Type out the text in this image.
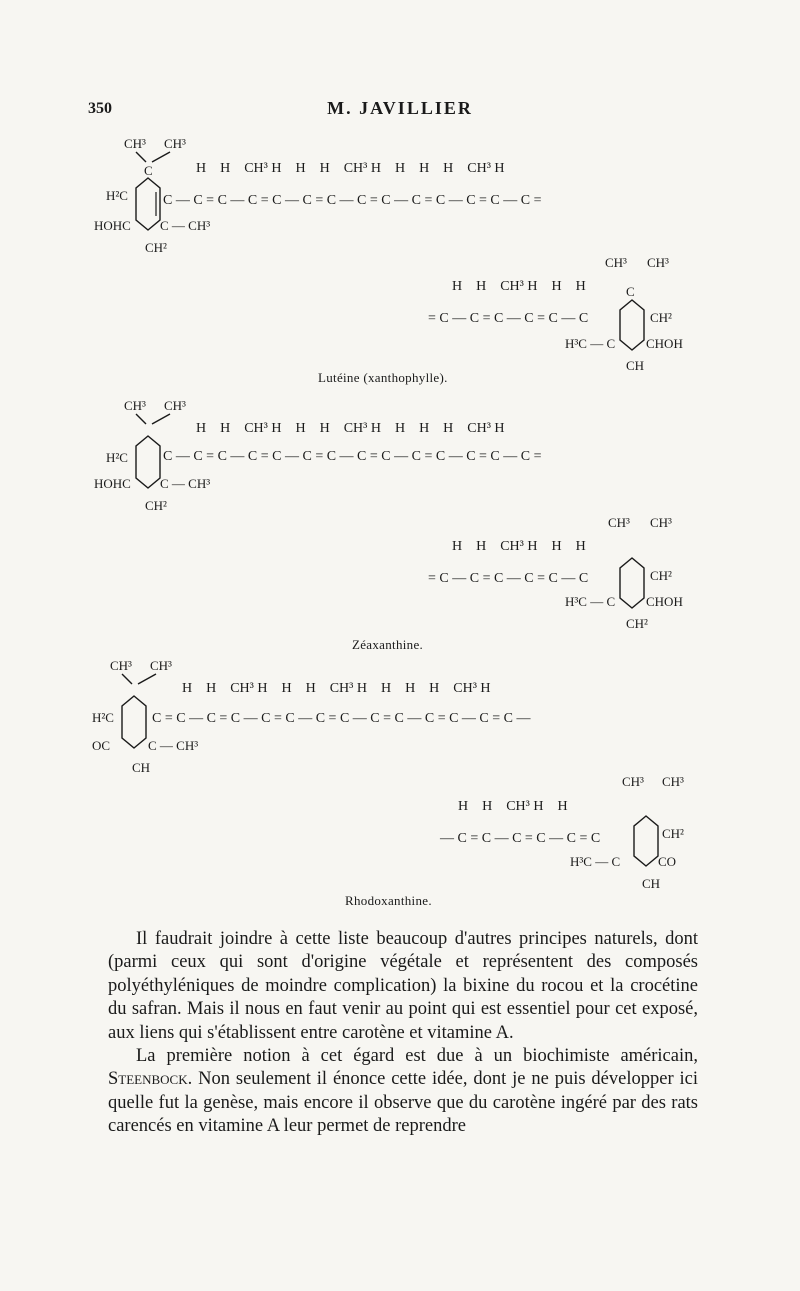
350	M. JAVILLIER
CH³ CH³
C
H²C
HOHC C — CH³
CH²
H    H    CH³ H    H    H    CH³ H    H    H    H    CH³ H
C — C = C — C = C — C = C — C = C — C = C — C = C — C =
H    H    CH³ H    H    H
= C — C = C — C = C — C
CH³ CH³
C
CH²
H³C — C CHOH
CH
Lutéine (xanthophylle).
CH³ CH³
H²C
HOHC C — CH³
CH²
H    H    CH³ H    H    H    CH³ H    H    H    H    CH³ H
C — C = C — C = C — C = C — C = C — C = C — C = C — C =
H    H    CH³ H    H    H
= C — C = C — C = C — C
CH³ CH³
CH²
H³C — C CHOH
CH²
Zéaxanthine.
CH³ CH³
H²C
OC	C — CH³
CH
H    H    CH³ H    H    H    CH³ H    H    H    H    CH³ H
C = C — C = C — C = C — C = C — C = C — C = C — C = C —
H    H    CH³ H    H
— C = C — C = C — C = C
CH³ CH³
CH²
H³C — C	CO
CH
Rhodoxanthine.

Il faudrait joindre à cette liste beaucoup d'autres principes naturels, dont (parmi ceux qui sont d'origine végétale et représentent des composés polyéthyléniques de moindre complication) la bixine du rocou et la crocétine du safran. Mais il nous en faut venir au point qui est essentiel pour cet exposé, aux liens qui s'établissent entre carotène et vitamine A.

La première notion à cet égard est due à un biochimiste américain, Steenbock. Non seulement il énonce cette idée, dont je ne puis développer ici quelle fut la genèse, mais encore il observe que du carotène ingéré par des rats carencés en vitamine A leur permet de reprendre
